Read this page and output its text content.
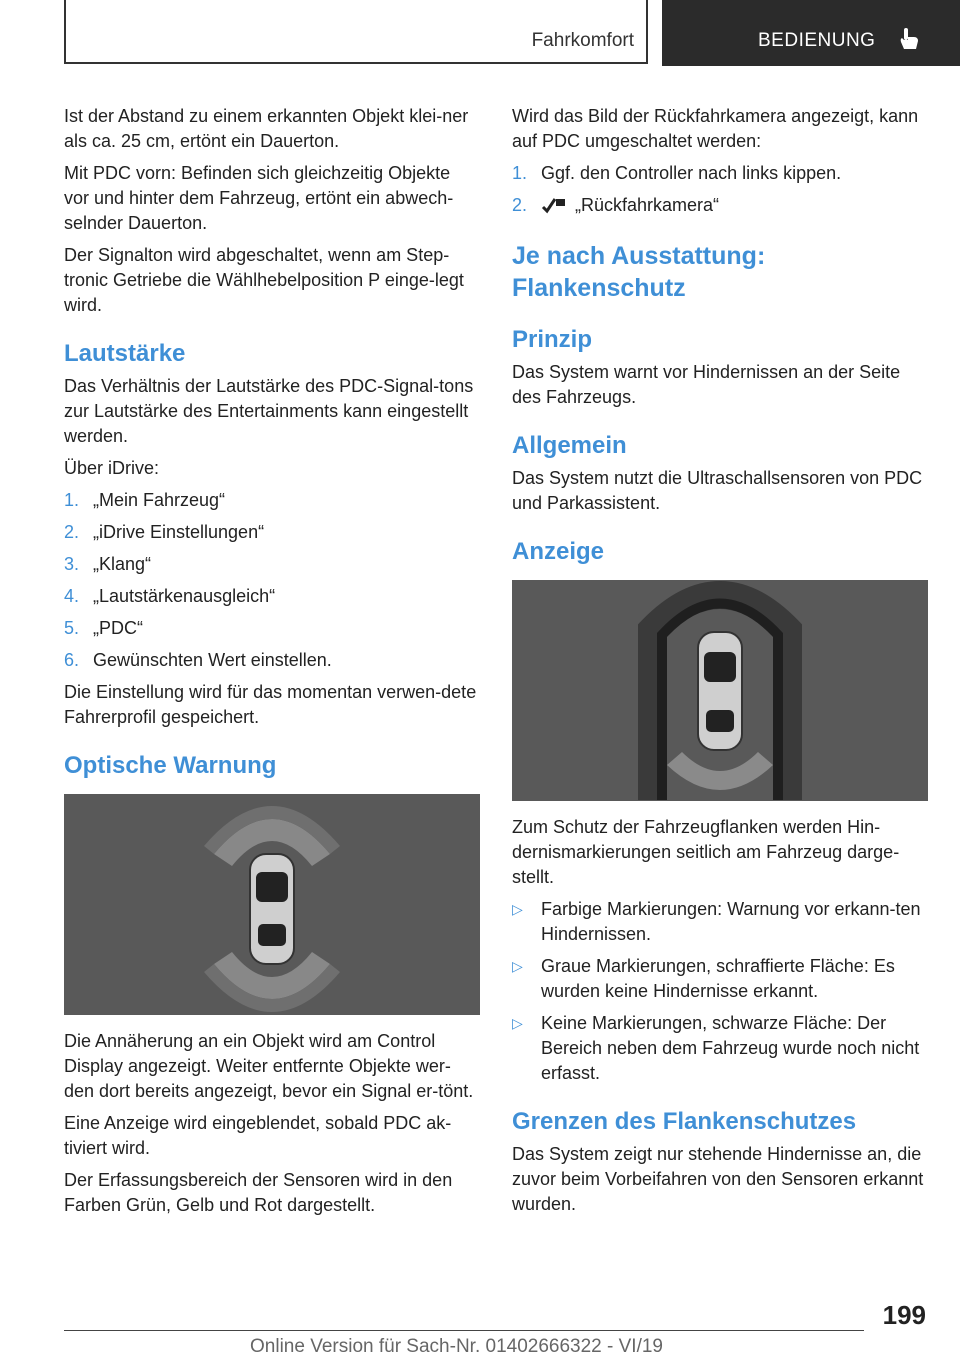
Fahrkomfort	BEDIENUNG

Ist der Abstand zu einem erkannten Objekt klei-ner als ca. 25 cm, ertönt ein Dauerton.

Mit PDC vorn: Befinden sich gleichzeitig Objekte vor und hinter dem Fahrzeug, ertönt ein abwech-selnder Dauerton.

Der Signalton wird abgeschaltet, wenn am Step-tronic Getriebe die Wählhebelposition P einge-legt wird.

Lautstärke

Das Verhältnis der Lautstärke des PDC-Signal-tons zur Lautstärke des Entertainments kann eingestellt werden.

Über iDrive:

1. „Mein Fahrzeug“
2. „iDrive Einstellungen“
3. „Klang“
4. „Lautstärkenausgleich“
5. „PDC“
6. Gewünschten Wert einstellen.

Die Einstellung wird für das momentan verwen-dete Fahrerprofil gespeichert.

Optische Warnung

Die Annäherung an ein Objekt wird am Control Display angezeigt. Weiter entfernte Objekte wer-den dort bereits angezeigt, bevor ein Signal er-tönt.

Eine Anzeige wird eingeblendet, sobald PDC ak-tiviert wird.

Der Erfassungsbereich der Sensoren wird in den Farben Grün, Gelb und Rot dargestellt.

Wird das Bild der Rückfahrkamera angezeigt, kann auf PDC umgeschaltet werden:

1. Ggf. den Controller nach links kippen.
2.	„Rückfahrkamera“
Je nach Ausstattung: Flankenschutz
Prinzip

Das System warnt vor Hindernissen an der Seite des Fahrzeugs.

Allgemein

Das System nutzt die Ultraschallsensoren von PDC und Parkassistent.

Anzeige

Zum Schutz der Fahrzeugflanken werden Hin-dernismarkierungen seitlich am Fahrzeug darge-stellt.

▷	Farbige Markierungen: Warnung vor erkann-ten Hindernissen.
▷	Graue Markierungen, schraffierte Fläche: Es wurden keine Hindernisse erkannt.
▷	Keine Markierungen, schwarze Fläche: Der Bereich neben dem Fahrzeug wurde noch nicht erfasst.
Grenzen des Flankenschutzes

Das System zeigt nur stehende Hindernisse an, die zuvor beim Vorbeifahren von den Sensoren erkannt wurden.

199
Online Version für Sach-Nr. 01402666322 - VI/19
